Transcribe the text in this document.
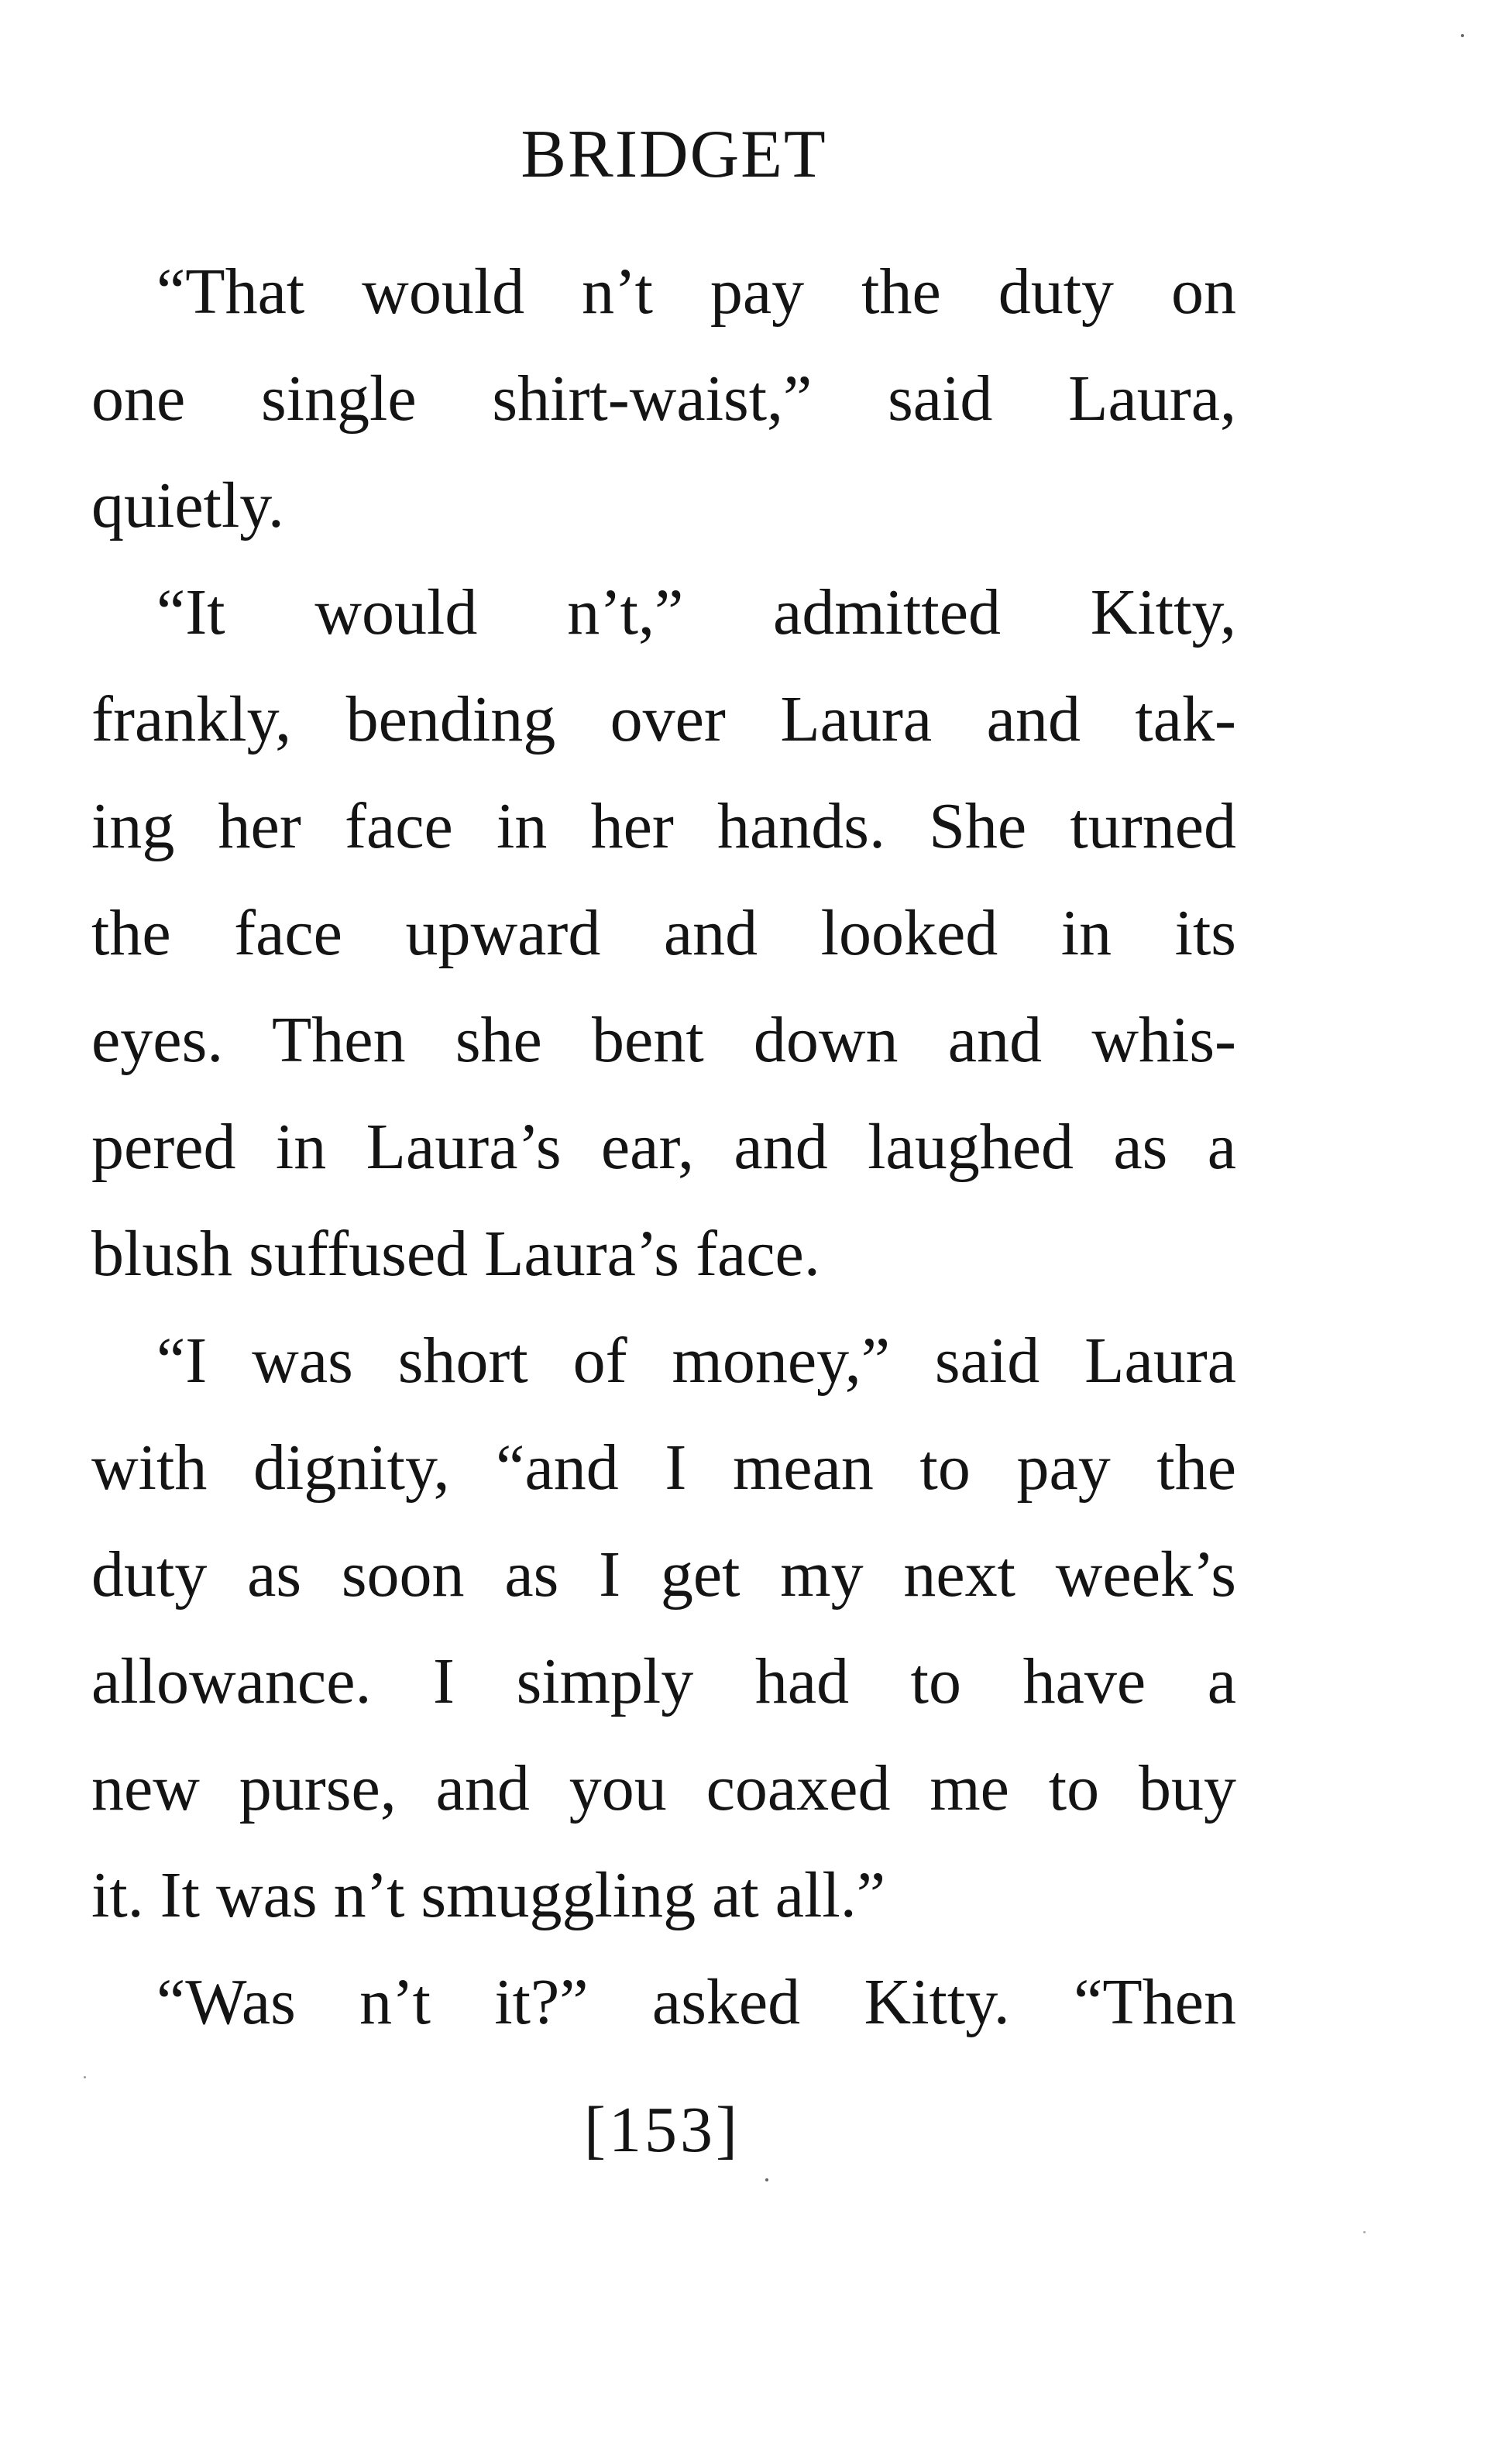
BRIDGET

“That would n’t pay the duty on
one single shirt-waist,” said Laura,
quietly.

“It would n’t,” admitted Kitty,
frankly, bending over Laura and tak-
ing her face in her hands. She turned
the face upward and looked in its
eyes. Then she bent down and whis-
pered in Laura’s ear, and laughed as a
blush suffused Laura’s face.

“I was short of money,” said Laura
with dignity, “and I mean to pay the
duty as soon as I get my next week’s
allowance. I simply had to have a
new purse, and you coaxed me to buy
it. It was n’t smuggling at all.”

“Was n’t it?” asked Kitty. “Then

[153]
